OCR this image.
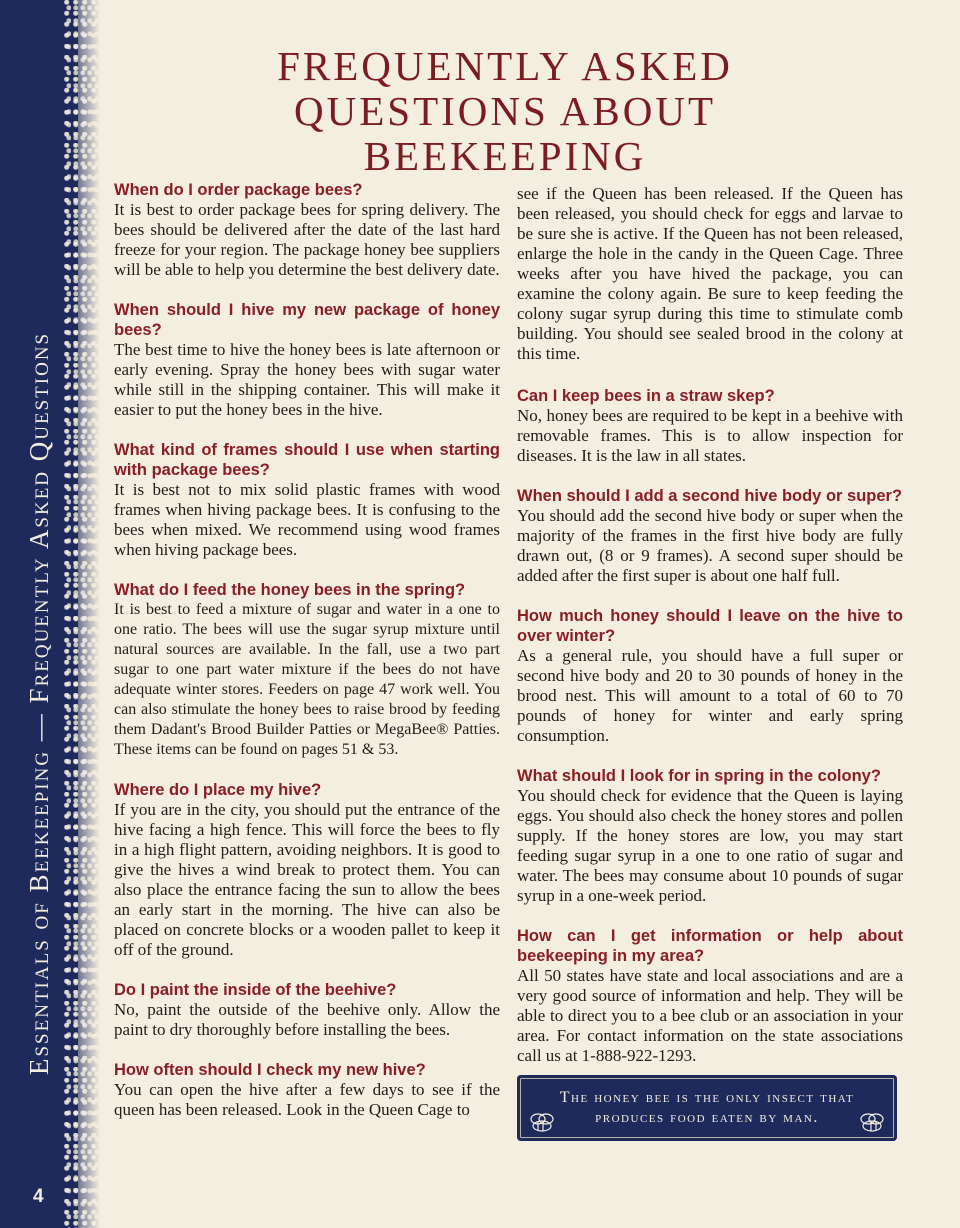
Essentials of Beekeeping — Frequently Asked Questions
4
FREQUENTLY ASKED QUESTIONS ABOUT BEEKEEPING

When do I order package bees?

It is best to order package bees for spring delivery. The bees should be delivered after the date of the last hard freeze for your region. The package honey bee suppliers will be able to help you determine the best delivery date.

When should I hive my new package of honey bees?

The best time to hive the honey bees is late afternoon or early evening. Spray the honey bees with sugar water while still in the shipping container. This will make it easier to put the honey bees in the hive.

What kind of frames should I use when starting with package bees?

It is best not to mix solid plastic frames with wood frames when hiving package bees. It is confusing to the bees when mixed. We recommend using wood frames when hiving package bees.

What do I feed the honey bees in the spring?

It is best to feed a mixture of sugar and water in a one to one ratio. The bees will use the sugar syrup mixture until natural sources are available. In the fall, use a two part sugar to one part water mixture if the bees do not have adequate winter stores. Feeders on page 47 work well. You can also stimulate the honey bees to raise brood by feeding them Dadant's Brood Builder Patties or MegaBee® Patties. These items can be found on pages 51 & 53.

Where do I place my hive?

If you are in the city, you should put the entrance of the hive facing a high fence. This will force the bees to fly in a high flight pattern, avoiding neighbors. It is good to give the hives a wind break to protect them. You can also place the entrance facing the sun to allow the bees an early start in the morning. The hive can also be placed on concrete blocks or a wooden pallet to keep it off of the ground.

Do I paint the inside of the beehive?

No, paint the outside of the beehive only. Allow the paint to dry thoroughly before installing the bees.

How often should I check my new hive?

You can open the hive after a few days to see if the queen has been released. Look in the Queen Cage to

see if the Queen has been released. If the Queen has been released, you should check for eggs and larvae to be sure she is active. If the Queen has not been released, enlarge the hole in the candy in the Queen Cage. Three weeks after you have hived the package, you can examine the colony again. Be sure to keep feeding the colony sugar syrup during this time to stimulate comb building. You should see sealed brood in the colony at this time.

Can I keep bees in a straw skep?

No, honey bees are required to be kept in a beehive with removable frames. This is to allow inspection for diseases. It is the law in all states.

When should I add a second hive body or super?

You should add the second hive body or super when the majority of the frames in the first hive body are fully drawn out, (8 or 9 frames). A second super should be added after the first super is about one half full.

How much honey should I leave on the hive to over winter?

As a general rule, you should have a full super or second hive body and 20 to 30 pounds of honey in the brood nest. This will amount to a total of 60 to 70 pounds of honey for winter and early spring consumption.

What should I look for in spring in the colony?

You should check for evidence that the Queen is laying eggs. You should also check the honey stores and pollen supply. If the honey stores are low, you may start feeding sugar syrup in a one to one ratio of sugar and water. The bees may consume about 10 pounds of sugar syrup in a one-week period.

How can I get information or help about beekeeping in my area?

All 50 states have state and local associations and are a very good source of information and help. They will be able to direct you to a bee club or an association in your area. For contact information on the state associations call us at 1-888-922-1293.

The honey bee is the only insect that
produces food eaten by man.
